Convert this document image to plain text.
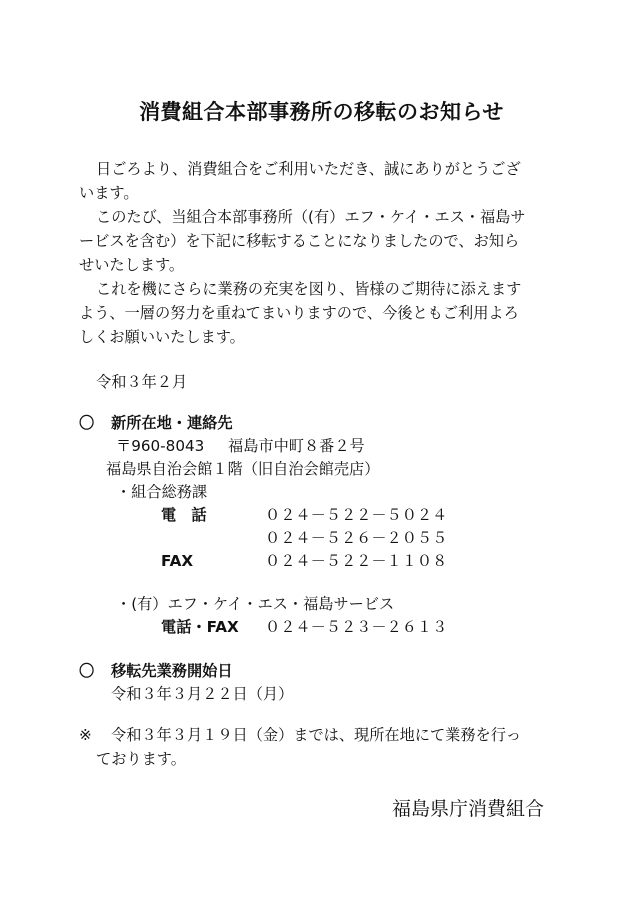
消費組合本部事務所の移転のお知らせ
日ごろより、消費組合をご利用いただき、誠にありがとうござ
います。
このたび、当組合本部事務所（(有）エフ・ケイ・エス・福島サ
ービスを含む）を下記に移転することになりましたので、お知ら
せいたします。
これを機にさらに業務の充実を図り、皆様のご期待に添えます
よう、一層の努力を重ねてまいりますので、今後ともご利用よろ
しくお願いいたします。
令和３年２月
〇 新所在地・連絡先
〒960-8043 福島市中町８番２号
福島県自治会館１階（旧自治会館売店）
・組合総務課
電　話	０２４－５２２－５０２４
０２４－５２６－２０５５
FAX	０２４－５２２－１１０８
・(有）エフ・ケイ・エス・福島サービス
電話・FAX ０２４－５２３－２６１３
〇 移転先業務開始日
令和３年３月２２日（月）
※ 令和３年３月１９日（金）までは、現所在地にて業務を行っ
ております。
福島県庁消費組合
